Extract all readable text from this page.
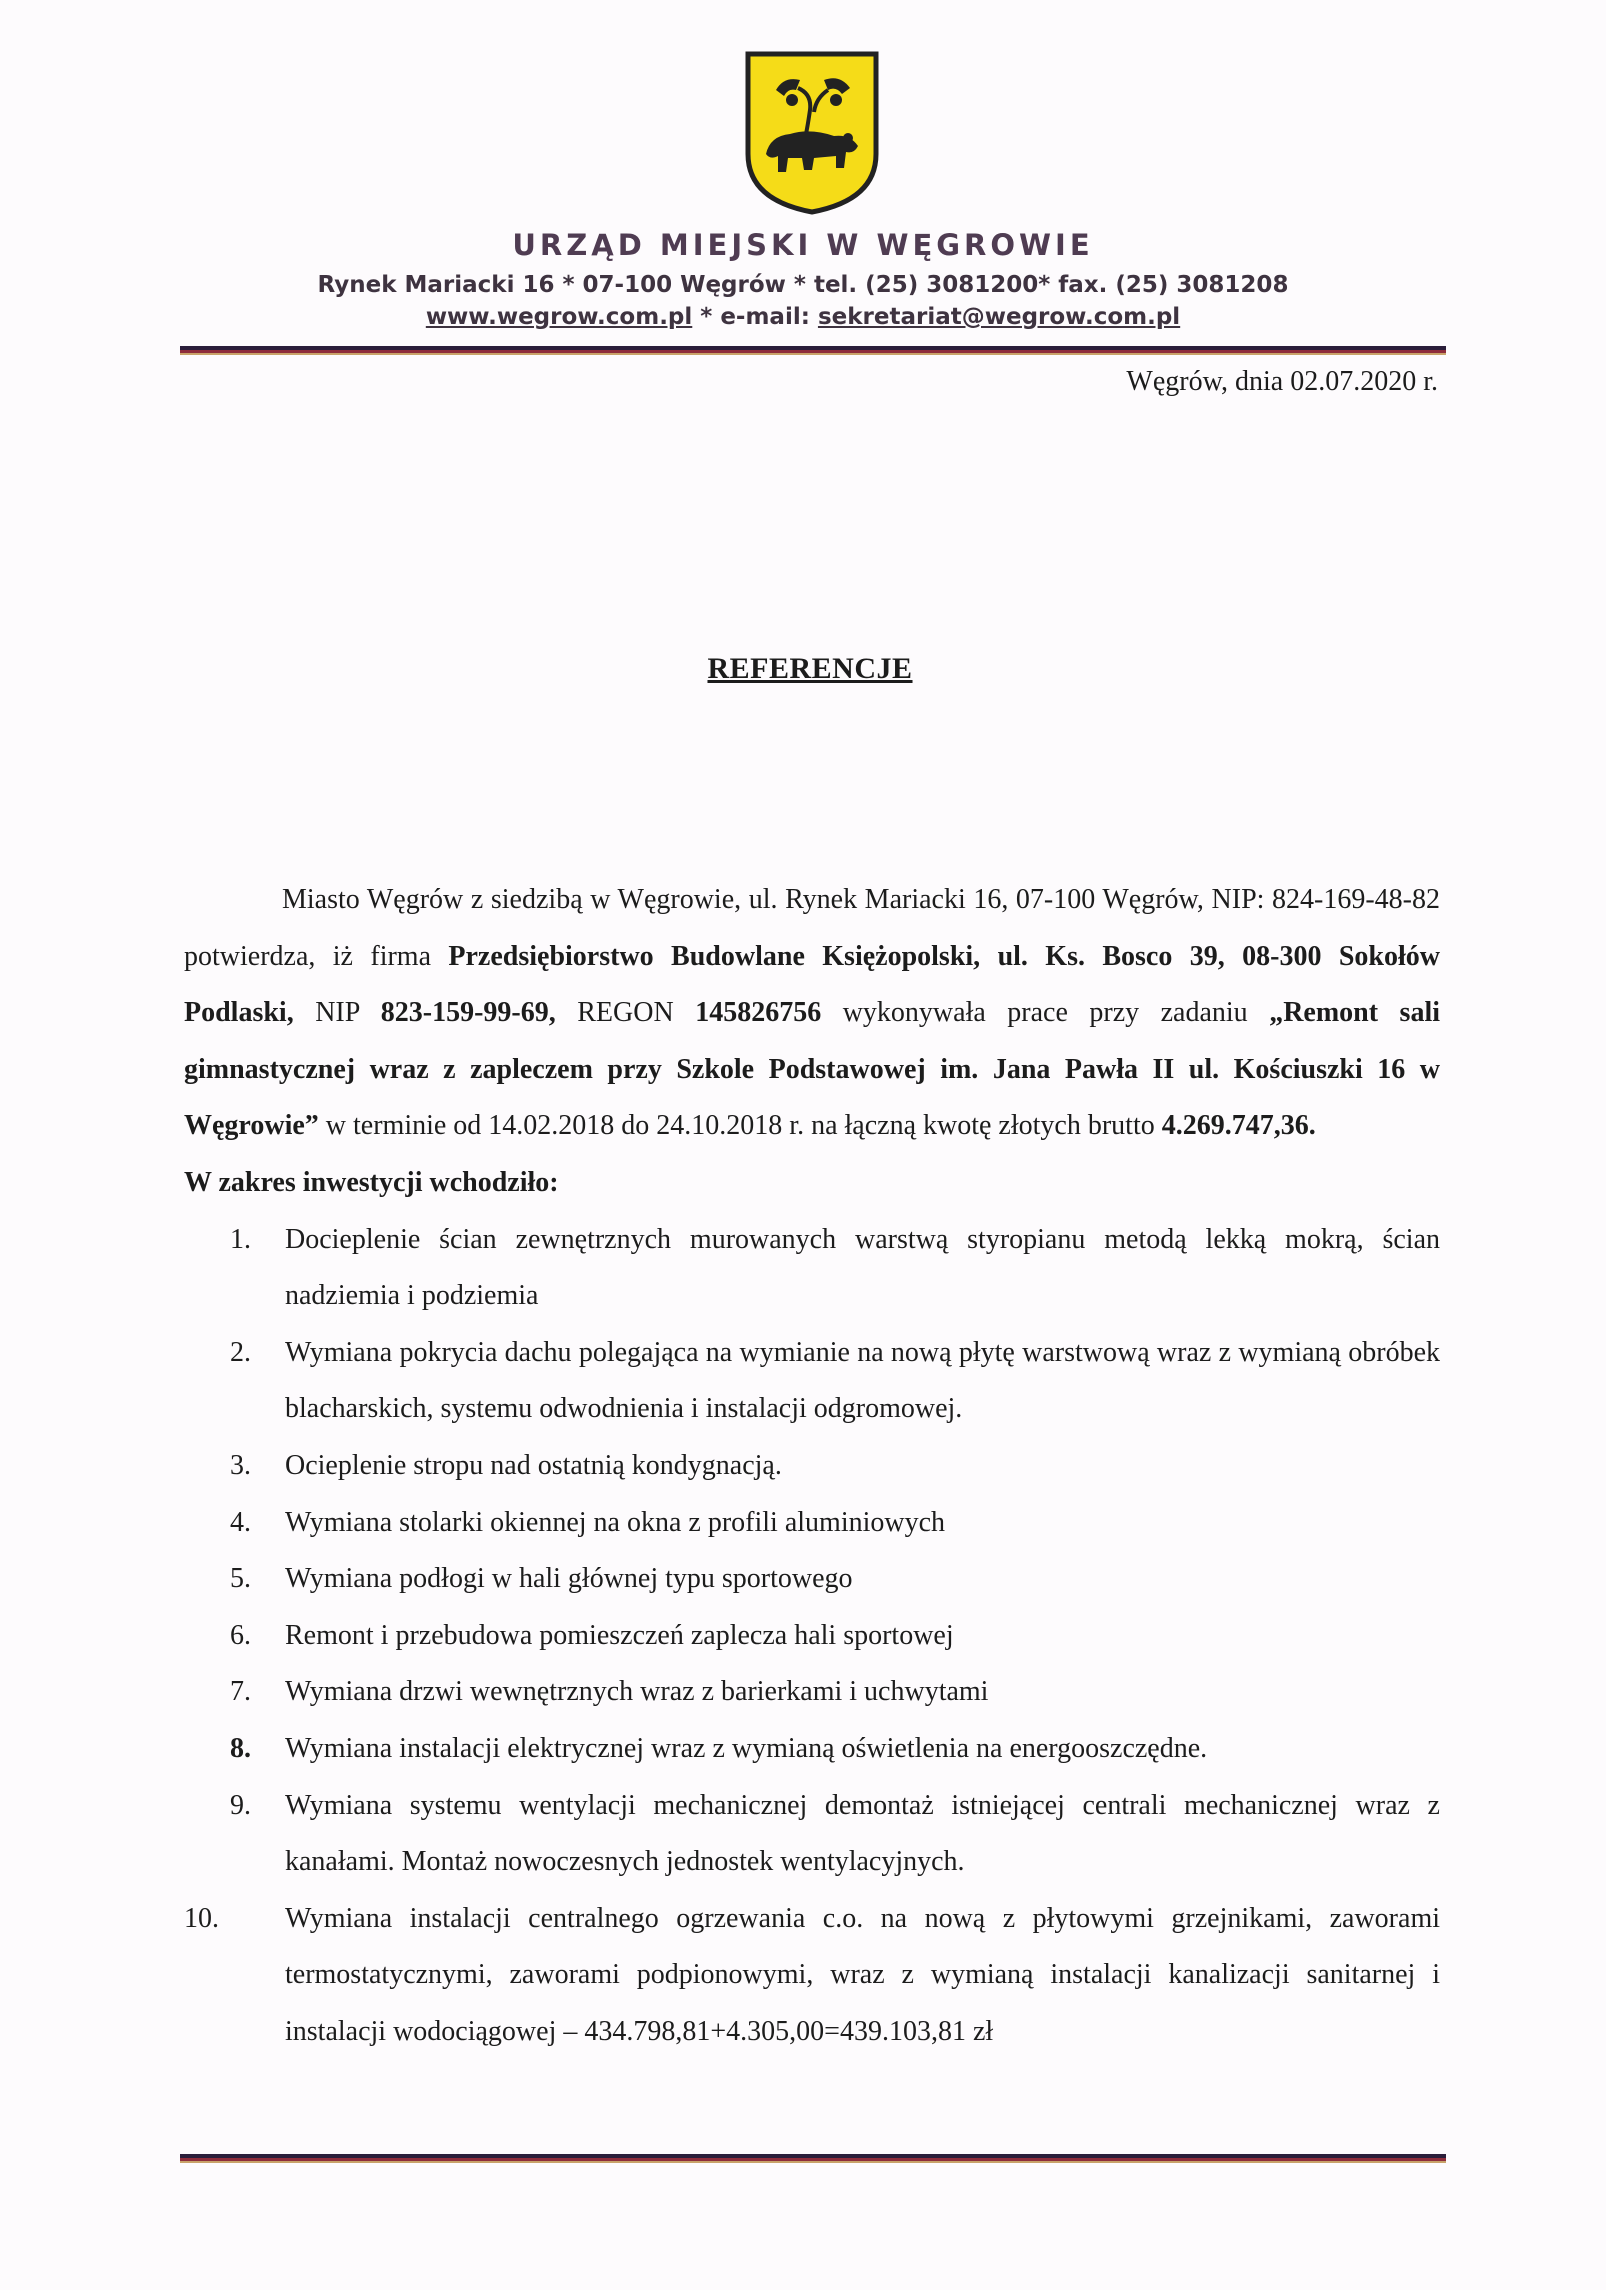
URZĄD MIEJSKI W WĘGROWIE
Rynek Mariacki 16 * 07-100 Węgrów * tel. (25) 3081200* fax. (25) 3081208
www.wegrow.com.pl * e-mail: sekretariat@wegrow.com.pl
Węgrów, dnia 02.07.2020 r.
REFERENCJE

Miasto Węgrów z siedzibą w Węgrowie, ul. Rynek Mariacki 16, 07-100 Węgrów, NIP: 824-169-48-82 potwierdza, iż firma Przedsiębiorstwo Budowlane Księżopolski, ul. Ks. Bosco 39, 08-300 Sokołów Podlaski, NIP 823-159-99-69, REGON 145826756 wykonywała prace przy zadaniu „Remont sali gimnastycznej wraz z zapleczem przy Szkole Podstawowej im. Jana Pawła II ul. Kościuszki 16 w Węgrowie” w terminie od 14.02.2018 do 24.10.2018 r. na łączną kwotę złotych brutto 4.269.747,36.

W zakres inwestycji wchodziło:

1.	Docieplenie ścian zewnętrznych murowanych warstwą styropianu metodą lekką mokrą, ścian nadziemia i podziemia
2.	Wymiana pokrycia dachu polegająca na wymianie na nową płytę warstwową wraz z wymianą obróbek blacharskich, systemu odwodnienia i instalacji odgromowej.
3.	Ocieplenie stropu nad ostatnią kondygnacją.
4.	Wymiana stolarki okiennej na okna z profili aluminiowych
5.	Wymiana podłogi w hali głównej typu sportowego
6.	Remont i przebudowa pomieszczeń zaplecza hali sportowej
7.	Wymiana drzwi wewnętrznych wraz z barierkami i uchwytami
8.	Wymiana instalacji elektrycznej wraz z wymianą oświetlenia na energooszczędne.
9.	Wymiana systemu wentylacji mechanicznej demontaż istniejącej centrali mechanicznej wraz z kanałami. Montaż nowoczesnych jednostek wentylacyjnych.
10.	Wymiana instalacji centralnego ogrzewania c.o. na nową z płytowymi grzejnikami, zaworami termostatycznymi, zaworami podpionowymi, wraz z wymianą instalacji kanalizacji sanitarnej i instalacji wodociągowej – 434.798,81+4.305,00=439.103,81 zł
